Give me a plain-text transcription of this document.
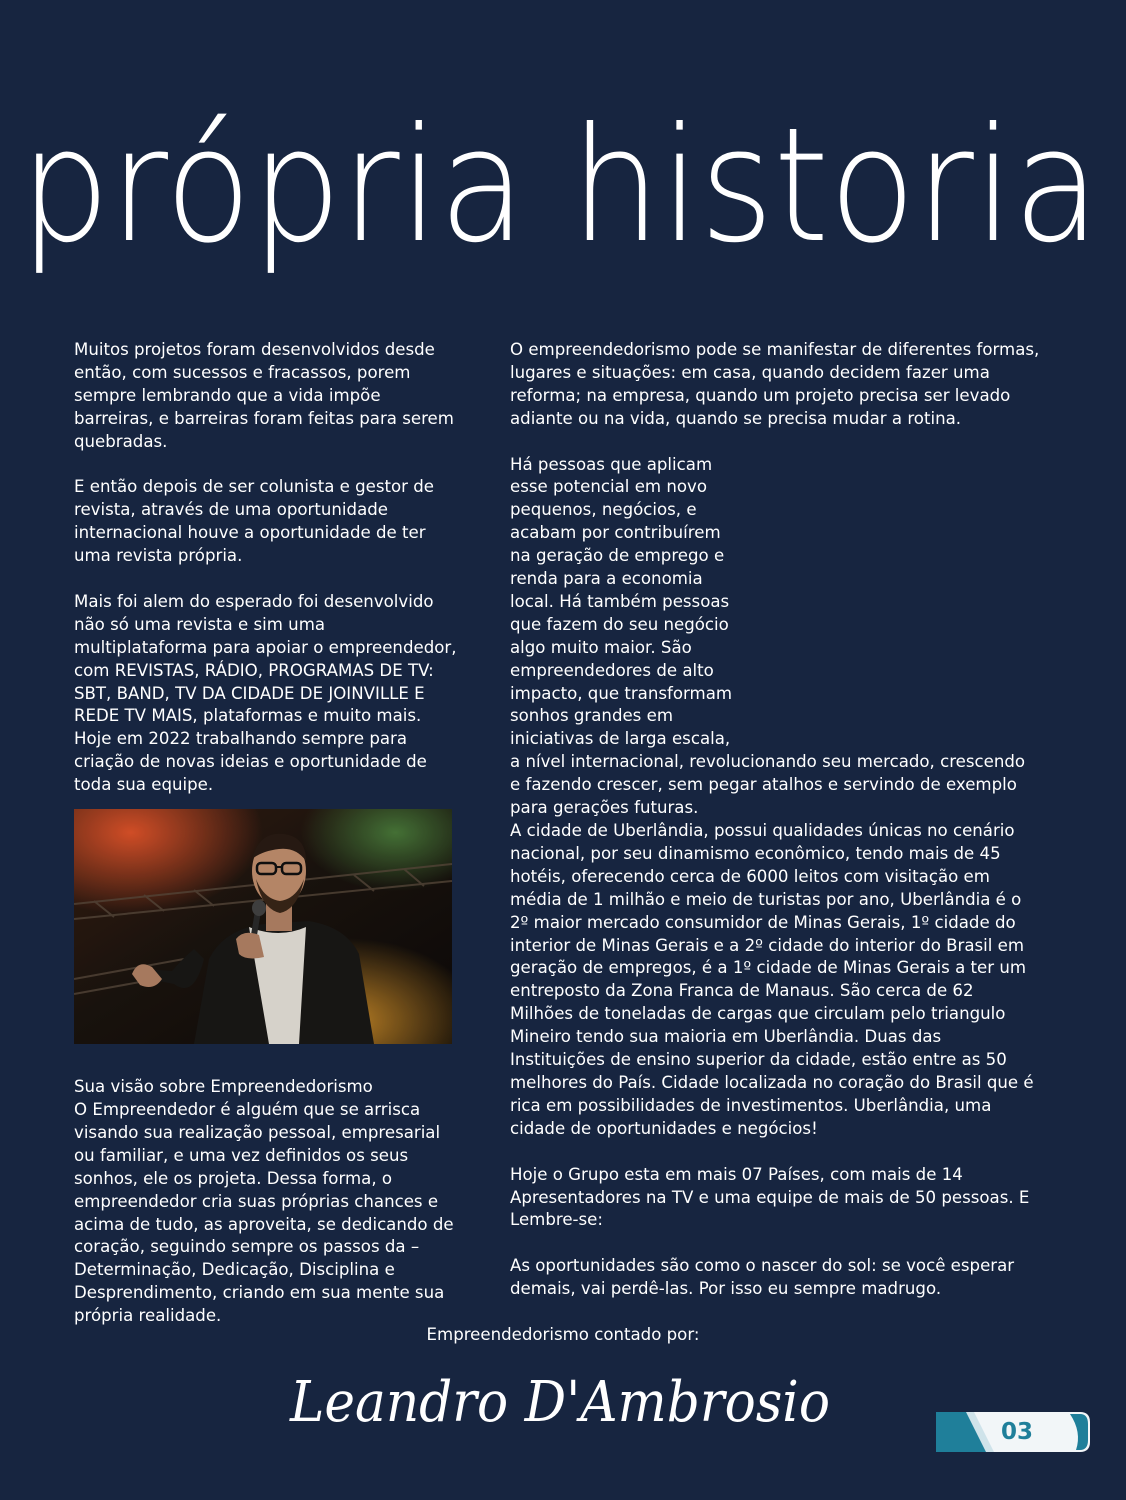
própria historia

Muitos projetos foram desenvolvidos desde então, com sucessos e fracassos, porem sempre lembrando que a vida impõe barreiras, e barreiras foram feitas para serem quebradas.

E então depois de ser colunista e gestor de revista, através de uma oportunidade internacional houve a oportunidade de ter uma revista própria.

Mais foi alem do esperado foi desenvolvido não só uma revista e sim uma multiplataforma para apoiar o empreendedor, com REVISTAS, RÁDIO, PROGRAMAS DE TV: SBT, BAND, TV DA CIDADE DE JOINVILLE E REDE TV MAIS, plataformas e muito mais.

Hoje em 2022 trabalhando sempre para criação de novas ideias e oportunidade de toda sua equipe.

Sua visão sobre Empreendedorismo

O Empreendedor é alguém que se arrisca visando sua realização pessoal, empresarial ou familiar, e uma vez definidos os seus sonhos, ele os projeta. Dessa forma, o empreendedor cria suas próprias chances e acima de tudo, as aproveita, se dedicando de coração, seguindo sempre os passos da – Determinação, Dedicação, Disciplina e Desprendimento, criando em sua mente sua própria realidade.

O empreendedorismo pode se manifestar de diferentes formas, lugares e situações: em casa, quando decidem fazer uma reforma; na empresa, quando um projeto precisa ser levado adiante ou na vida, quando se precisa mudar a rotina.

Há pessoas que aplicam esse potencial em novo pequenos, negócios, e acabam por contribuírem na geração de emprego e renda para a economia local. Há também pessoas que fazem do seu negócio algo muito maior. São empreendedores de alto impacto, que transformam sonhos grandes em iniciativas de larga escala,

a nível internacional, revolucionando seu mercado, crescendo e fazendo crescer, sem pegar atalhos e servindo de exemplo para gerações futuras.

A cidade de Uberlândia, possui qualidades únicas no cenário nacional, por seu dinamismo econômico, tendo mais de 45 hotéis, oferecendo cerca de 6000 leitos com visitação em média de 1 milhão e meio de turistas por ano, Uberlândia é o 2º maior mercado consumidor de Minas Gerais, 1º cidade do interior de Minas Gerais e a 2º cidade do interior do Brasil em geração de empregos, é a 1º cidade de Minas Gerais a ter um entreposto da Zona Franca de Manaus. São cerca de 62 Milhões de toneladas de cargas que circulam pelo triangulo Mineiro tendo sua maioria em Uberlândia. Duas das Instituições de ensino superior da cidade, estão entre as 50 melhores do País. Cidade localizada no coração do Brasil que é rica em possibilidades de investimentos. Uberlândia, uma cidade de oportunidades e negócios!

Hoje o Grupo esta em mais 07 Países, com mais de 14 Apresentadores na TV e uma equipe de mais de 50 pessoas. E Lembre-se:

As oportunidades são como o nascer do sol: se você esperar demais, vai perdê-las. Por isso eu sempre madrugo.

Empreendedorismo contado por:
Leandro D'Ambrosio	03
